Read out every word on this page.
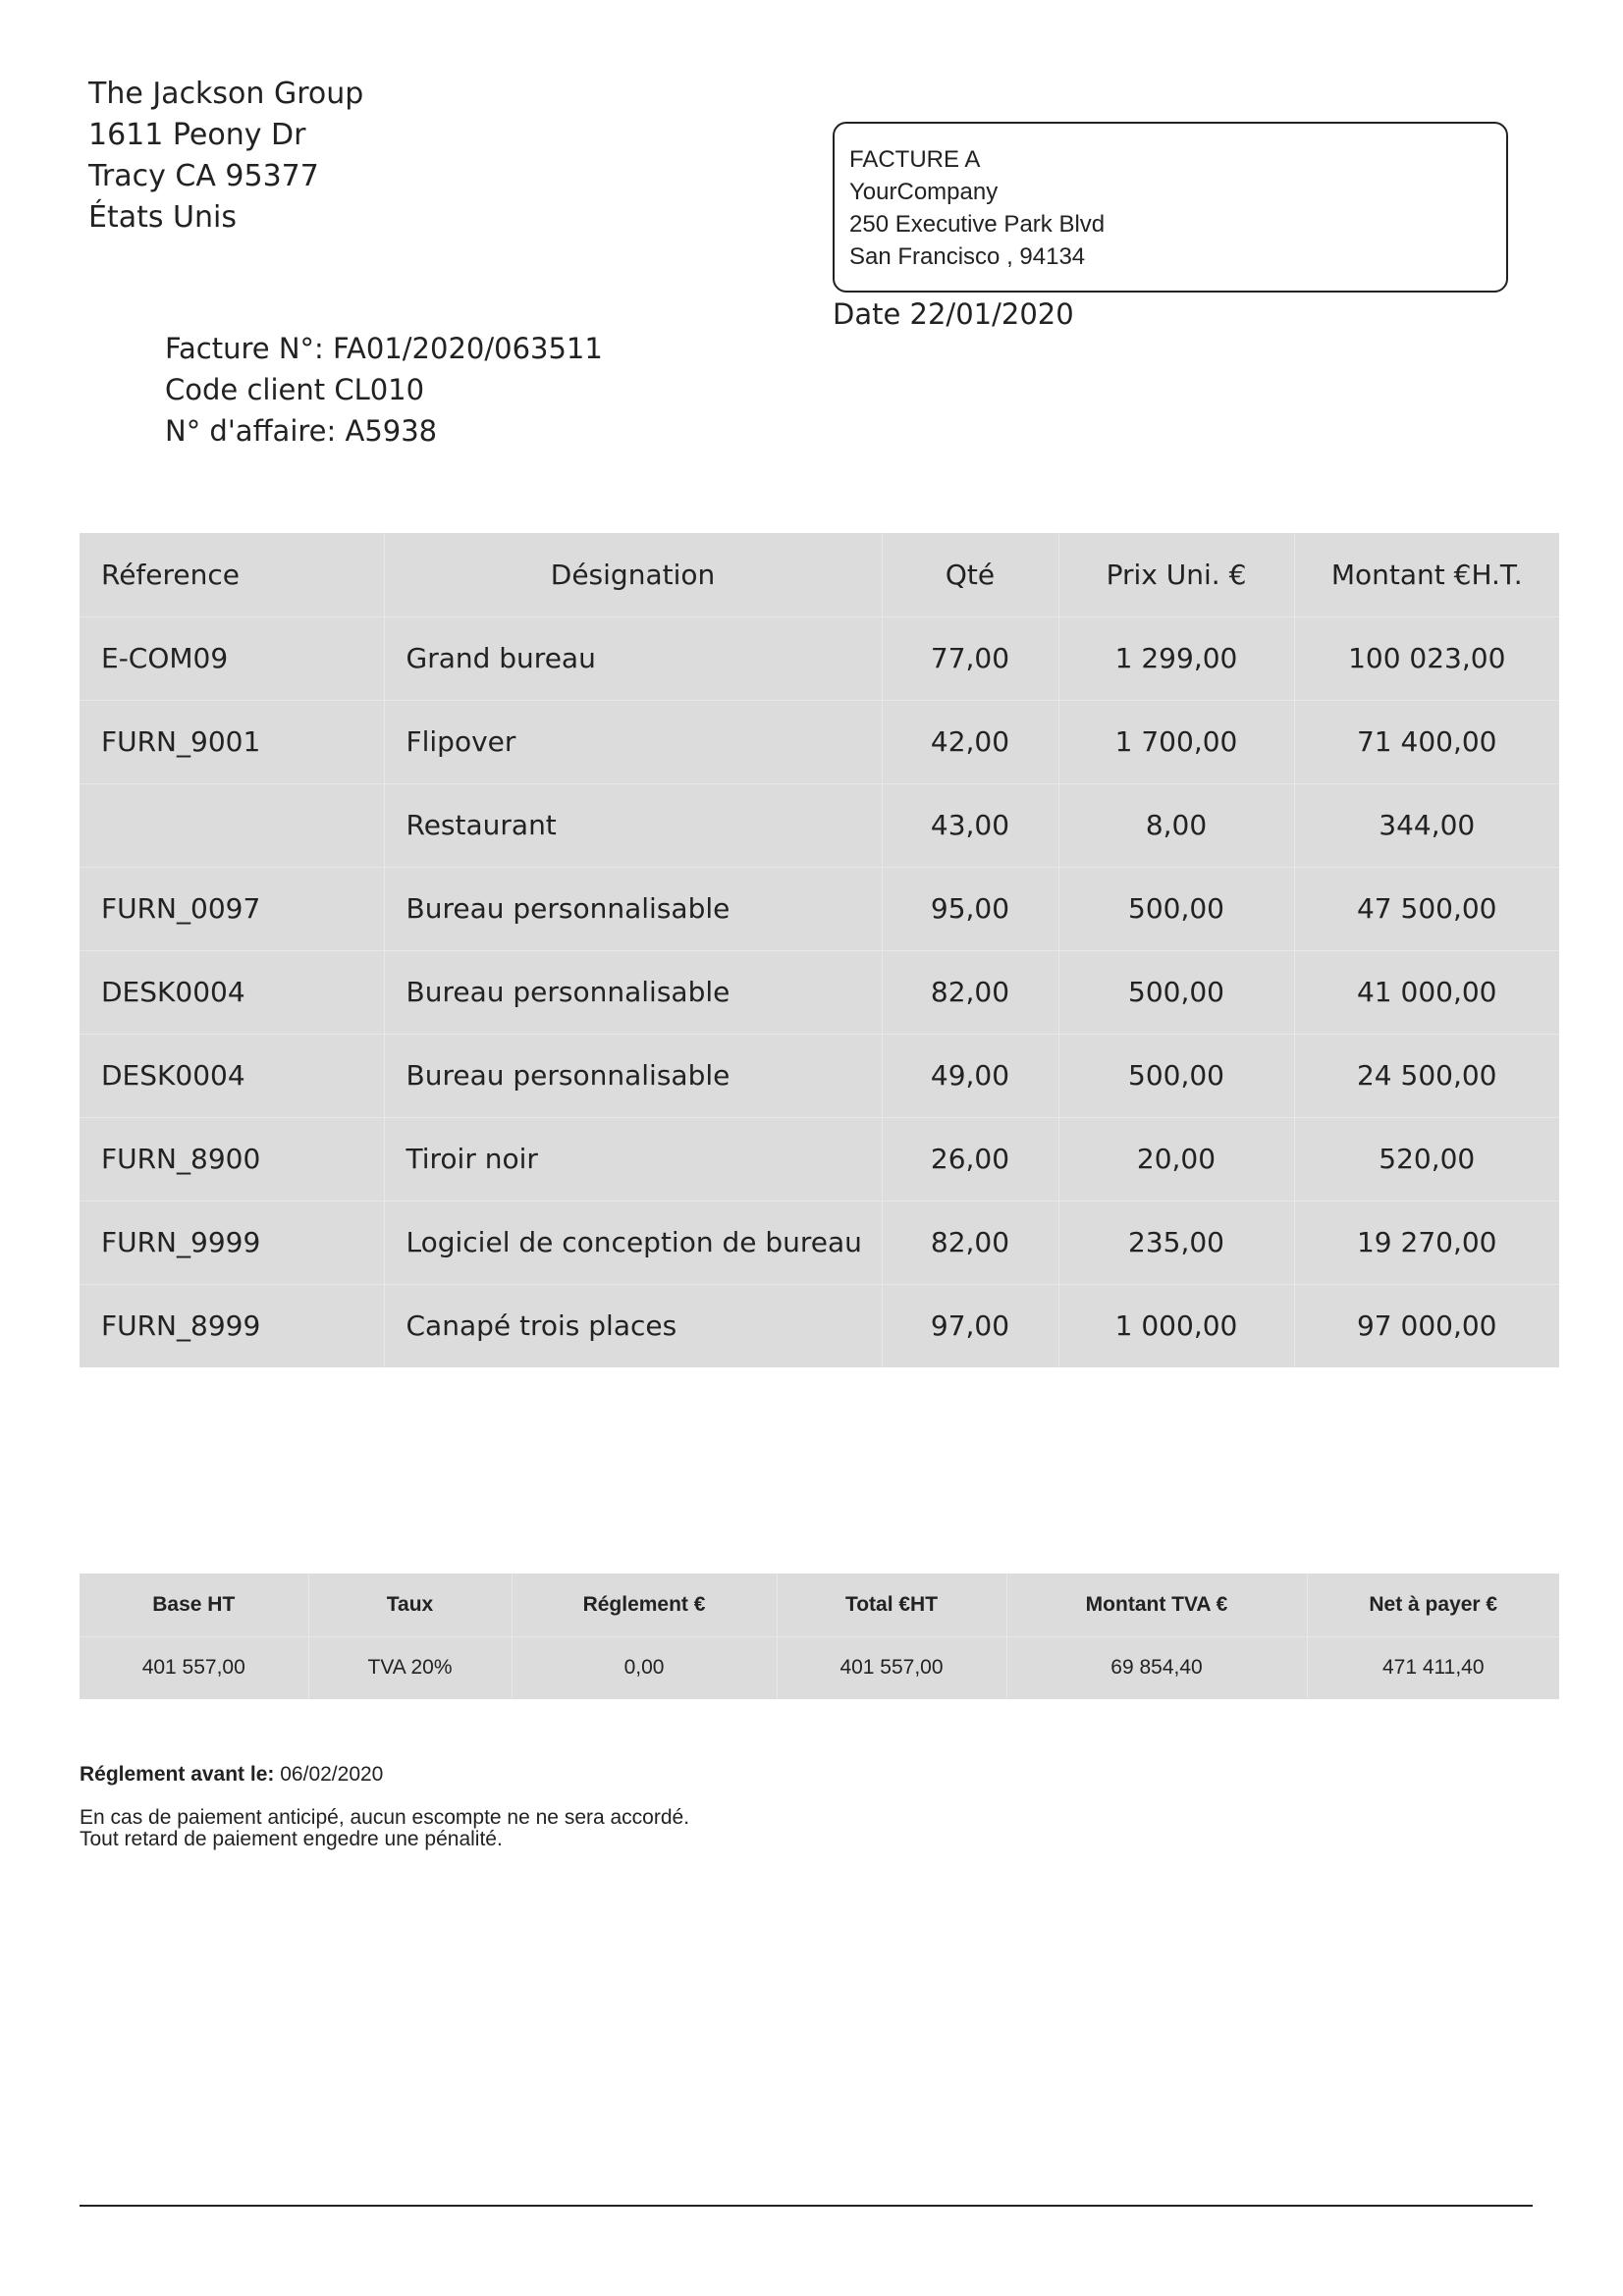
The Jackson Group
1611 Peony Dr
Tracy CA 95377
États Unis
FACTURE A
YourCompany
250 Executive Park Blvd
San Francisco , 94134
Date 22/01/2020
Facture N°: FA01/2020/063511
Code client CL010
N° d'affaire: A5938
Réference	Désignation	Qté	Prix Uni. €	Montant €H.T.
E-COM09	Grand bureau	77,00	1 299,00	100 023,00
FURN_9001	Flipover	42,00	1 700,00	71 400,00
	Restaurant	43,00	8,00	344,00
FURN_0097	Bureau personnalisable	95,00	500,00	47 500,00
DESK0004	Bureau personnalisable	82,00	500,00	41 000,00
DESK0004	Bureau personnalisable	49,00	500,00	24 500,00
FURN_8900	Tiroir noir	26,00	20,00	520,00
FURN_9999	Logiciel de conception de bureau	82,00	235,00	19 270,00
FURN_8999	Canapé trois places	97,00	1 000,00	97 000,00
Base HT	Taux	Réglement €	Total €HT	Montant TVA €	Net à payer €
401 557,00	TVA 20%	0,00	401 557,00	69 854,40	471 411,40
Réglement avant le: 06/02/2020
En cas de paiement anticipé, aucun escompte ne ne sera accordé.
Tout retard de paiement engedre une pénalité.
